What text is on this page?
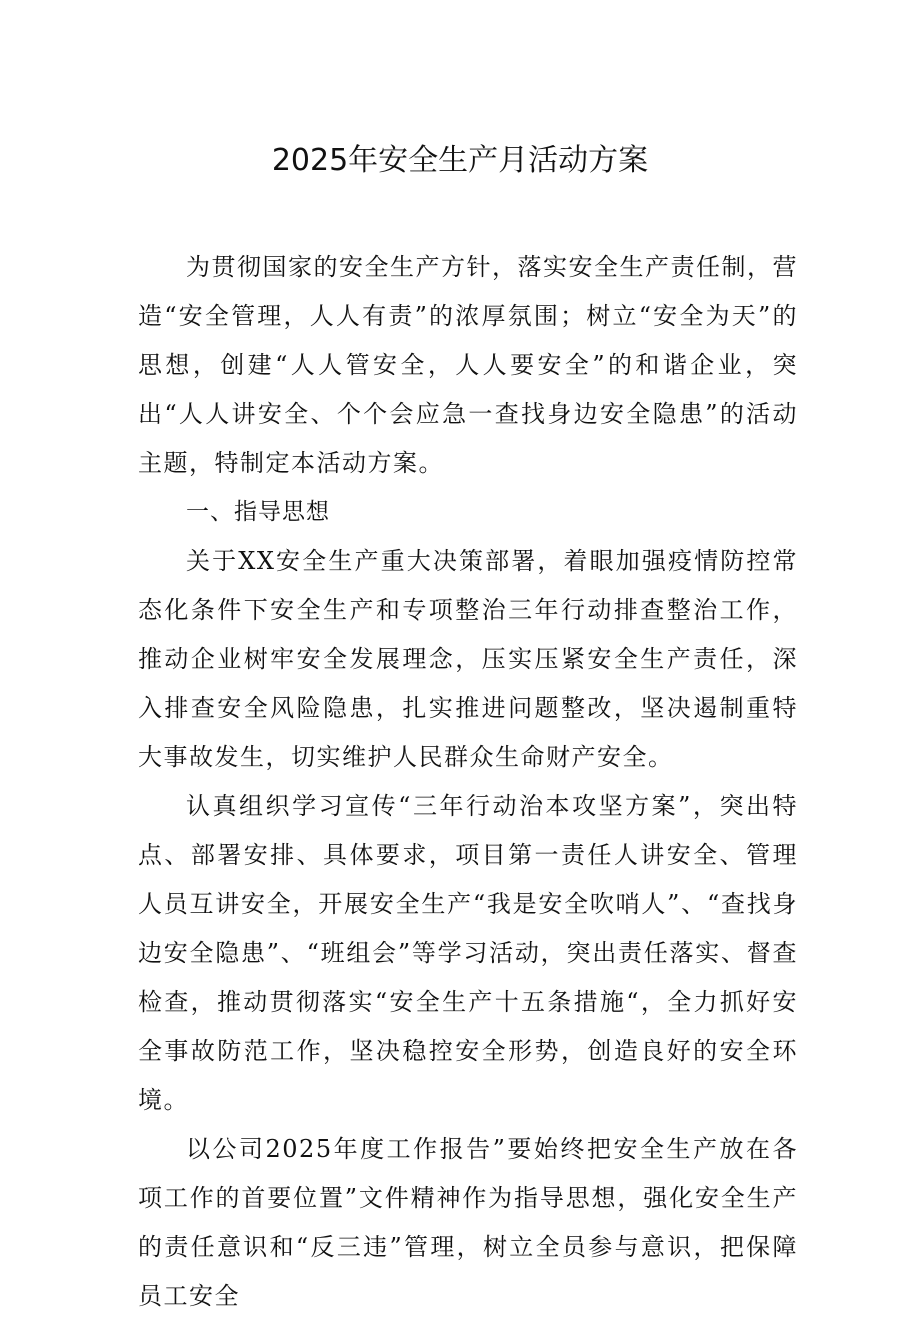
2025年安全生产月活动方案

为贯彻国家的安全生产方针，落实安全生产责任制，营造“安全管理，人人有责”的浓厚氛围；树立“安全为天”的思想，创建“人人管安全，人人要安全”的和谐企业，突出“人人讲安全、个个会应急一查找身边安全隐患”的活动主题，特制定本活动方案。

一、指导思想

关于XX安全生产重大决策部署，着眼加强疫情防控常态化条件下安全生产和专项整治三年行动排查整治工作，推动企业树牢安全发展理念，压实压紧安全生产责任，深入排查安全风险隐患，扎实推进问题整改，坚决遏制重特大事故发生，切实维护人民群众生命财产安全。

认真组织学习宣传“三年行动治本攻坚方案”，突出特点、部署安排、具体要求，项目第一责任人讲安全、管理人员互讲安全，开展安全生产“我是安全吹哨人”、“查找身边安全隐患”、“班组会”等学习活动，突出责任落实、督查检查，推动贯彻落实“安全生产十五条措施“，全力抓好安全事故防范工作，坚决稳控安全形势，创造良好的安全环境。

以公司2025年度工作报告”要始终把安全生产放在各项工作的首要位置”文件精神作为指导思想，强化安全生产的责任意识和“反三违”管理，树立全员参与意识，把保障员工安全
